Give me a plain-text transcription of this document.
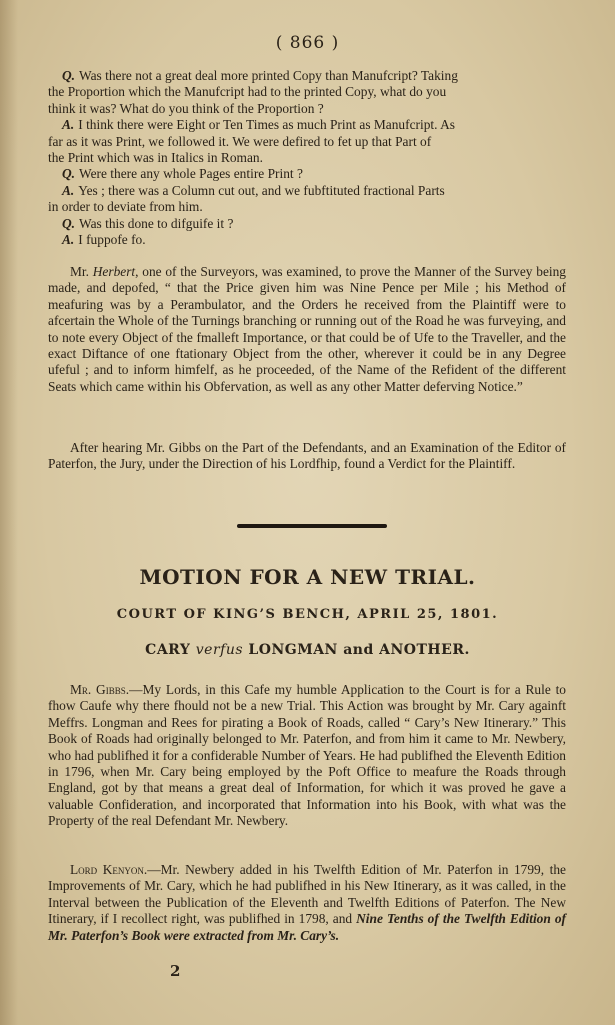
( 866 )
Q. Was there not a great deal more printed Copy than Manufcript? Taking
the Proportion which the Manufcript had to the printed Copy, what do you
think it was? What do you think of the Proportion ?
A. I think there were Eight or Ten Times as much Print as Manufcript. As
far as it was Print, we followed it. We were defired to fet up that Part of
the Print which was in Italics in Roman.
Q. Were there any whole Pages entire Print ?
A. Yes ; there was a Column cut out, and we fubftituted fractional Parts
in order to deviate from him.
Q. Was this done to difguife it ?
A. I fuppofe fo.
Mr. Herbert, one of the Surveyors, was examined, to prove the Manner of the Survey being made, and depofed, “ that the Price given him was Nine Pence per Mile ; his Method of meafuring was by a Perambulator, and the Orders he received from the Plaintiff were to afcertain the Whole of the Turnings branching or running out of the Road he was furveying, and to note every Object of the fmalleft Importance, or that could be of Ufe to the Traveller, and the exact Diftance of one ftationary Object from the other, wherever it could be in any Degree ufeful ; and to inform himfelf, as he proceeded, of the Name of the Refident of the different Seats which came within his Obfervation, as well as any other Matter deferving Notice.”
After hearing Mr. Gibbs on the Part of the Defendants, and an Examination of the Editor of Paterfon, the Jury, under the Direction of his Lordfhip, found a Verdict for the Plaintiff.
MOTION FOR A NEW TRIAL.
COURT OF KING’S BENCH, APRIL 25, 1801.
CARY verfus LONGMAN and ANOTHER.
Mr. Gibbs.—My Lords, in this Cafe my humble Application to the Court is for a Rule to fhow Caufe why there fhould not be a new Trial. This Action was brought by Mr. Cary againft Meffrs. Longman and Rees for pirating a Book of Roads, called “ Cary’s New Itinerary.” This Book of Roads had originally belonged to Mr. Paterfon, and from him it came to Mr. Newbery, who had publifhed it for a confiderable Number of Years. He had publifhed the Eleventh Edition in 1796, when Mr. Cary being employed by the Poft Office to meafure the Roads through England, got by that means a great deal of Information, for which it was proved he gave a valuable Confideration, and incorporated that Information into his Book, with what was the Property of the real Defendant Mr. Newbery.
Lord Kenyon.—Mr. Newbery added in his Twelfth Edition of Mr. Paterfon in 1799, the Improvements of Mr. Cary, which he had publifhed in his New Itinerary, as it was called, in the Interval between the Publication of the Eleventh and Twelfth Editions of Paterfon. The New Itinerary, if I recollect right, was publifhed in 1798, and Nine Tenths of the Twelfth Edition of Mr. Paterfon’s Book were extracted from Mr. Cary’s.
2
